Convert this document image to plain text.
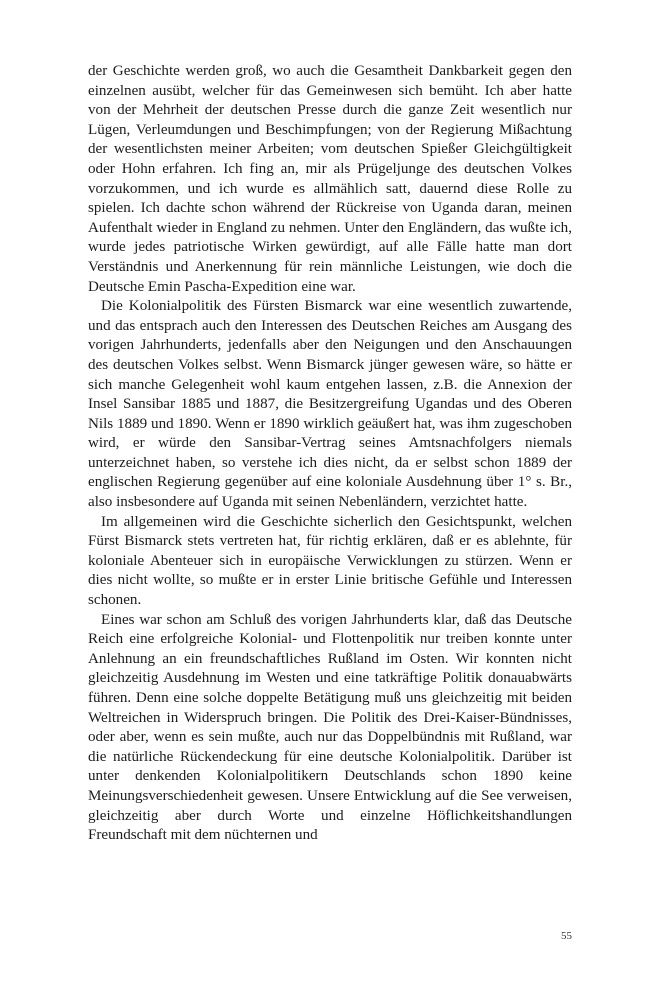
der Geschichte werden groß, wo auch die Gesamtheit Dankbarkeit gegen den einzelnen ausübt, welcher für das Gemeinwesen sich bemüht. Ich aber hatte von der Mehrheit der deutschen Presse durch die ganze Zeit wesentlich nur Lügen, Verleumdungen und Beschimpfungen; von der Regierung Mißachtung der wesentlichsten meiner Arbeiten; vom deutschen Spießer Gleichgültigkeit oder Hohn erfahren. Ich fing an, mir als Prügeljunge des deutschen Volkes vorzukommen, und ich wurde es allmählich satt, dauernd diese Rolle zu spielen. Ich dachte schon während der Rückreise von Uganda daran, meinen Aufenthalt wieder in England zu nehmen. Unter den Engländern, das wußte ich, wurde jedes patriotische Wirken gewürdigt, auf alle Fälle hatte man dort Verständnis und Anerkennung für rein männliche Leistungen, wie doch die Deutsche Emin Pascha-Expedition eine war.

Die Kolonialpolitik des Fürsten Bismarck war eine wesentlich zuwartende, und das entsprach auch den Interessen des Deutschen Reiches am Ausgang des vorigen Jahrhunderts, jedenfalls aber den Neigungen und den Anschauungen des deutschen Volkes selbst. Wenn Bismarck jünger gewesen wäre, so hätte er sich manche Gelegenheit wohl kaum entgehen lassen, z.B. die Annexion der Insel Sansibar 1885 und 1887, die Besitzergreifung Ugandas und des Oberen Nils 1889 und 1890. Wenn er 1890 wirklich geäußert hat, was ihm zugeschoben wird, er würde den Sansibar-Vertrag seines Amtsnachfolgers niemals unterzeichnet haben, so verstehe ich dies nicht, da er selbst schon 1889 der englischen Regierung gegenüber auf eine koloniale Ausdehnung über 1° s. Br., also insbesondere auf Uganda mit seinen Nebenländern, verzichtet hatte.

Im allgemeinen wird die Geschichte sicherlich den Gesichtspunkt, welchen Fürst Bismarck stets vertreten hat, für richtig erklären, daß er es ablehnte, für koloniale Abenteuer sich in europäische Verwicklungen zu stürzen. Wenn er dies nicht wollte, so mußte er in erster Linie britische Gefühle und Interessen schonen.

Eines war schon am Schluß des vorigen Jahrhunderts klar, daß das Deutsche Reich eine erfolgreiche Kolonial- und Flottenpolitik nur treiben konnte unter Anlehnung an ein freundschaftliches Rußland im Osten. Wir konnten nicht gleichzeitig Ausdehnung im Westen und eine tatkräftige Politik donauabwärts führen. Denn eine solche doppelte Betätigung muß uns gleichzeitig mit beiden Weltreichen in Widerspruch bringen. Die Politik des Drei-Kaiser-Bündnisses, oder aber, wenn es sein mußte, auch nur das Doppelbündnis mit Rußland, war die natürliche Rückendeckung für eine deutsche Kolonialpolitik. Darüber ist unter denkenden Kolonialpolitikern Deutschlands schon 1890 keine Meinungsverschiedenheit gewesen. Unsere Entwicklung auf die See verweisen, gleichzeitig aber durch Worte und einzelne Höflichkeitshandlungen Freundschaft mit dem nüchternen und

55
